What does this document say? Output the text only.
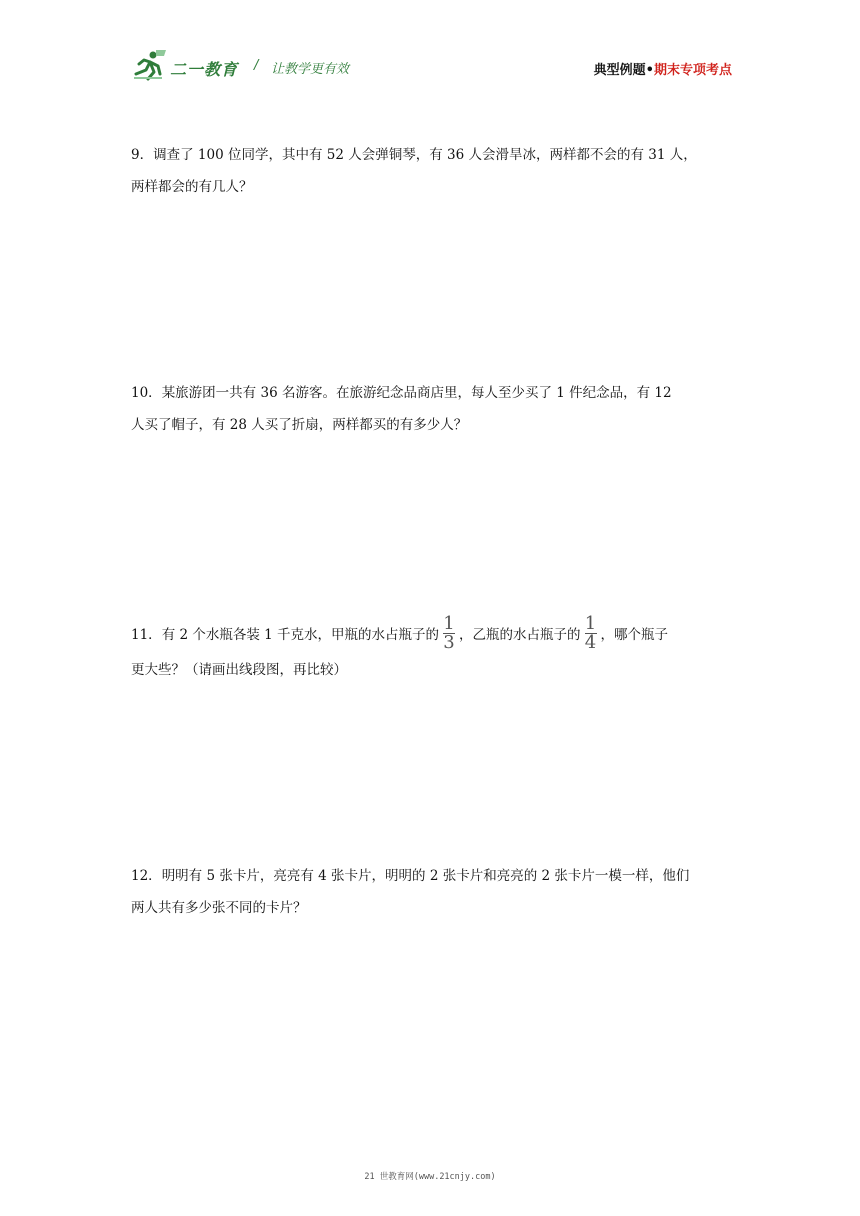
二一教育 / 让教学更有效	典型例题•期末专项考点

9．调查了 100 位同学，其中有 52 人会弹铜琴，有 36 人会滑旱冰，两样都不会的有 31 人，

两样都会的有几人？

10．某旅游团一共有 36 名游客。在旅游纪念品商店里，每人至少买了 1 件纪念品，有 12

人买了帽子，有 28 人买了折扇，两样都买的有多少人？

11．有 2 个水瓶各装 1 千克水，甲瓶的水占瓶子的 $\frac{1}{3}$ ，乙瓶的水占瓶子的 $\frac{1}{4}$ ，哪个瓶子

更大些？（请画出线段图，再比较）

12．明明有 5 张卡片，亮亮有 4 张卡片，明明的 2 张卡片和亮亮的 2 张卡片一模一样，他们

两人共有多少张不同的卡片？

21 世教育网(www.21cnjy.com)
